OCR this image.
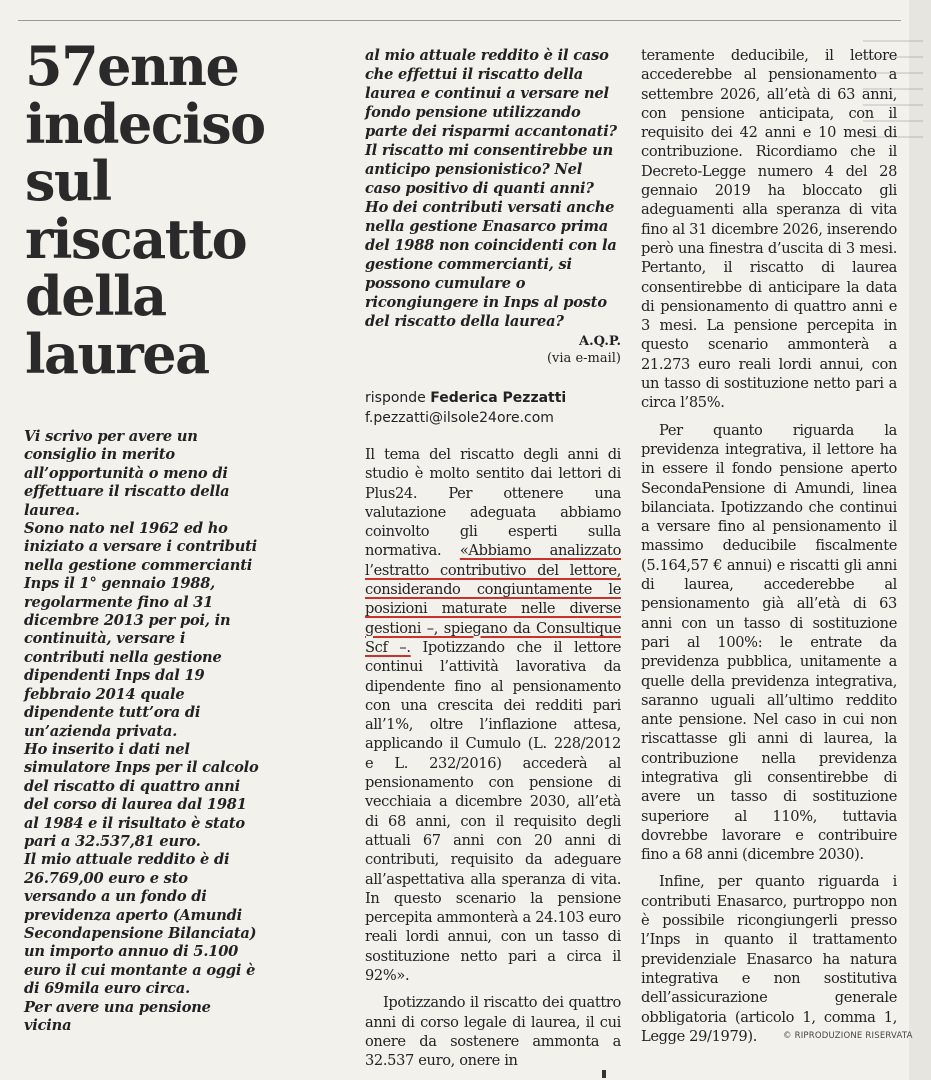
57enne
indeciso
sul
riscatto
della
laurea

Vi scrivo per avere un consiglio in merito all’opportunità o meno di effettuare il riscatto della laurea.

Sono nato nel 1962 ed ho iniziato a versare i contributi nella gestione commercianti Inps il 1° gennaio 1988, regolarmente fino al 31 dicembre 2013 per poi, in continuità, versare i contributi nella gestione dipendenti Inps dal 19 febbraio 2014 quale dipendente tutt’ora di un’azienda privata.

Ho inserito i dati nel simulatore Inps per il calcolo del riscatto di quattro anni del corso di laurea dal 1981 al 1984 e il risultato è stato pari a 32.537,81 euro.

Il mio attuale reddito è di 26.769,00 euro e sto versando a un fondo di previdenza aperto (Amundi Secondapensione Bilanciata) un importo annuo di 5.100 euro il cui montante a oggi è di 69mila euro circa.

Per avere una pensione vicina

al mio attuale reddito è il caso che effettui il riscatto della laurea e continui a versare nel fondo pensione utilizzando parte dei risparmi accantonati? Il riscatto mi consentirebbe un anticipo pensionistico? Nel caso positivo di quanti anni?

Ho dei contributi versati anche nella gestione Enasarco prima del 1988 non coincidenti con la gestione commercianti, si possono cumulare o ricongiungere in Inps al posto del riscatto della laurea?

A.Q.P.

(via e-mail)

risponde Federica Pezzatti

f.pezzatti@ilsole24ore.com

Il tema del riscatto degli anni di studio è molto sentito dai lettori di Plus24. Per ottenere una valutazione adeguata abbiamo coinvolto gli esperti sulla normativa. «Abbiamo analizzato l’estratto contributivo del lettore, considerando congiuntamente le posizioni maturate nelle diverse gestioni –, spiegano da Consultique Scf –. Ipotizzando che il lettore continui l’attività lavorativa da dipendente fino al pensionamento con una crescita dei redditi pari all’1%, oltre l’inflazione attesa, applicando il Cumulo (L. 228/2012 e L. 232/2016) accederà al pensionamento con pensione di vecchiaia a dicembre 2030, all’età di 68 anni, con il requisito degli attuali 67 anni con 20 anni di contributi, requisito da adeguare all’aspettativa alla speranza di vita. In questo scenario la pensione percepita ammonterà a 24.103 euro reali lordi annui, con un tasso di sostituzione netto pari a circa il 92%».

Ipotizzando il riscatto dei quattro anni di corso legale di laurea, il cui onere da sostenere ammonta a 32.537 euro, onere in

teramente deducibile, il lettore accederebbe al pensionamento a settembre 2026, all’età di 63 anni, con pensione anticipata, con il requisito dei 42 anni e 10 mesi di contribuzione. Ricordiamo che il Decreto-Legge numero 4 del 28 gennaio 2019 ha bloccato gli adeguamenti alla speranza di vita fino al 31 dicembre 2026, inserendo però una finestra d’uscita di 3 mesi. Pertanto, il riscatto di laurea consentirebbe di anticipare la data di pensionamento di quattro anni e 3 mesi. La pensione percepita in questo scenario ammonterà a 21.273 euro reali lordi annui, con un tasso di sostituzione netto pari a circa l’85%.

Per quanto riguarda la previdenza integrativa, il lettore ha in essere il fondo pensione aperto SecondaPensione di Amundi, linea bilanciata. Ipotizzando che continui a versare fino al pensionamento il massimo deducibile fiscalmente (5.164,57 € annui) e riscatti gli anni di laurea, accederebbe al pensionamento già all’età di 63 anni con un tasso di sostituzione pari al 100%: le entrate da previdenza pubblica, unitamente a quelle della previdenza integrativa, saranno uguali all’ultimo reddito ante pensione. Nel caso in cui non riscattasse gli anni di laurea, la contribuzione nella previdenza integrativa gli consentirebbe di avere un tasso di sostituzione superiore al 110%, tuttavia dovrebbe lavorare e contribuire fino a 68 anni (dicembre 2030).

Infine, per quanto riguarda i contributi Enasarco, purtroppo non è possibile ricongiungerli presso l’Inps in quanto il trattamento previdenziale Enasarco ha natura integrativa e non sostitutiva dell’assicurazione generale obbligatoria (articolo 1, comma 1, Legge 29/1979).	© RIPRODUZIONE RISERVATA
